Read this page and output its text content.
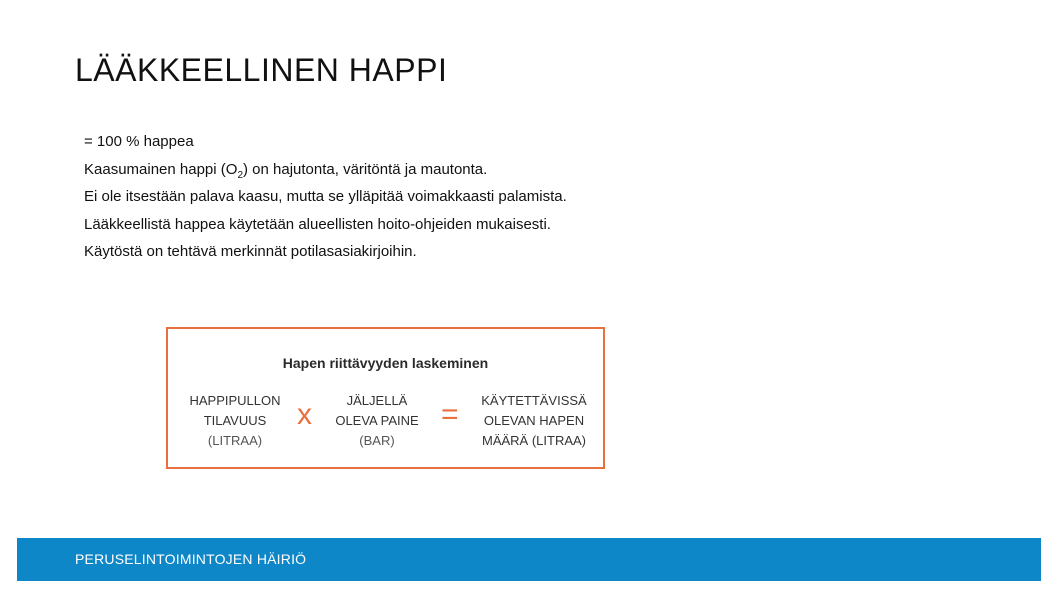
LÄÄKKEELLINEN HAPPI
= 100 % happea
Kaasumainen happi $(O_2)$ on hajutonta, väritöntä ja mautonta.
Ei ole itsestään palava kaasu, mutta se ylläpitää voimakkaasti palamista.
Lääkkeellistä happea käytetään alueellisten hoito-ohjeiden mukaisesti.
Käytöstä on tehtävä merkinnät potilasasiakirjoihin.
Hapen riittävyyden laskeminen
HAPPIPULLON
TILAVUUS
(LITRAA)
x	JÄLJELLÄ
OLEVA PAINE
(BAR)
=	KÄYTETTÄVISSÄ
OLEVAN HAPEN
MÄÄRÄ (LITRAA)
PERUSELINTOIMINTOJEN HÄIRIÖ
